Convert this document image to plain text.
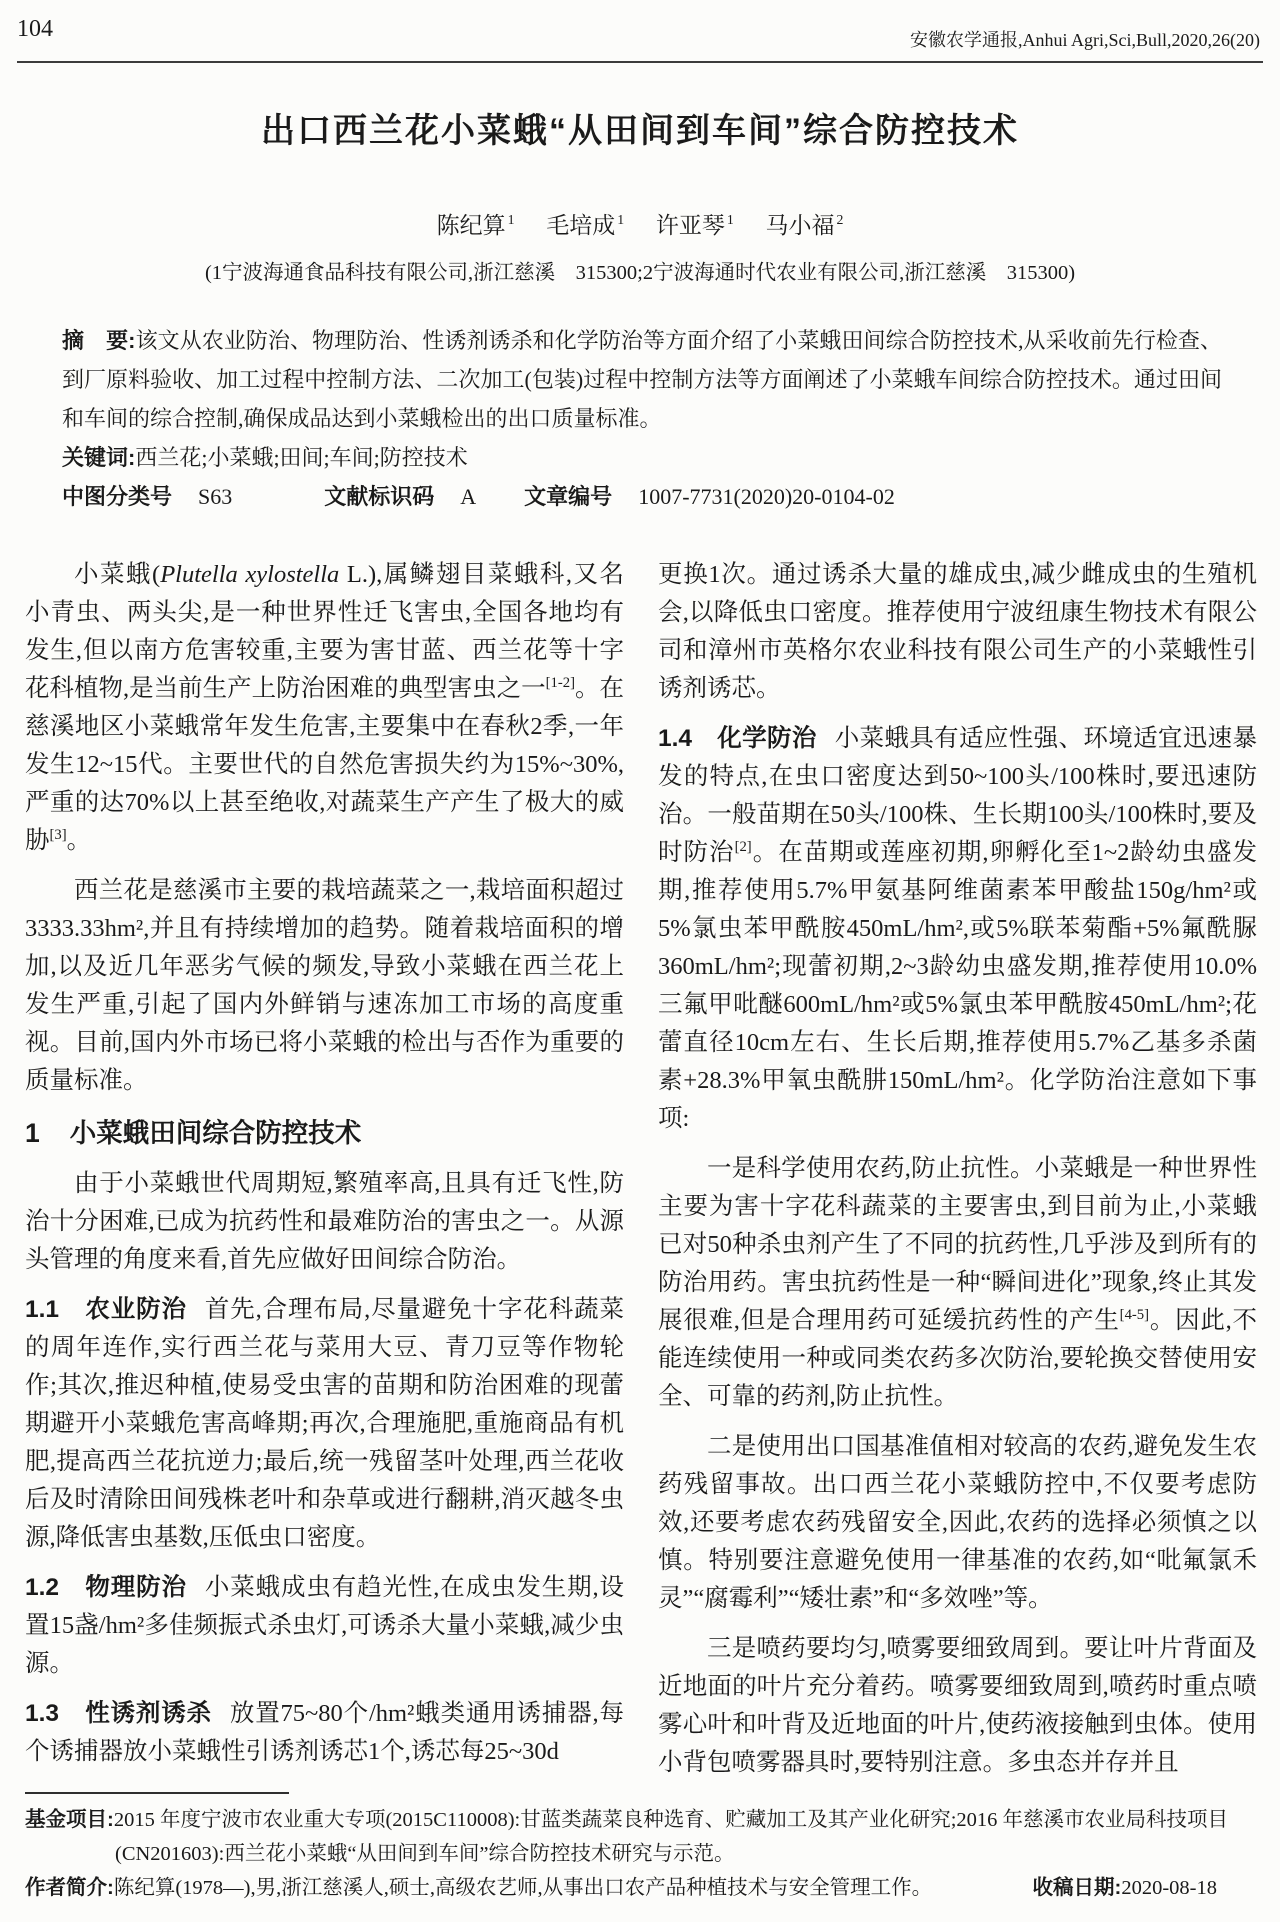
104	安徽农学通报,Anhui Agri,Sci,Bull,2020,26(20)
出口西兰花小菜蛾“从田间到车间”综合防控技术
陈纪算 $^1$ 毛培成 $^1$ 许亚琴 $^1$ 马小福 $^2$
(1宁波海通食品科技有限公司,浙江慈溪　315300;2宁波海通时代农业有限公司,浙江慈溪　315300)
摘　要:该文从农业防治、物理防治、性诱剂诱杀和化学防治等方面介绍了小菜蛾田间综合防控技术,从采收前先行检查、到厂原料验收、加工过程中控制方法、二次加工(包装)过程中控制方法等方面阐述了小菜蛾车间综合防控技术。通过田间和车间的综合控制,确保成品达到小菜蛾检出的出口质量标准。
关键词:西兰花;小菜蛾;田间;车间;防控技术
中图分类号 S63	文献标识码 A 文章编号 1007-7731(2020)20-0104-02

小菜蛾(Plutella xylostella L.),属鳞翅目菜蛾科,又名小青虫、两头尖,是一种世界性迁飞害虫,全国各地均有发生,但以南方危害较重,主要为害甘蓝、西兰花等十字花科植物,是当前生产上防治困难的典型害虫之一[1-2]。在慈溪地区小菜蛾常年发生危害,主要集中在春秋2季,一年发生12~15代。主要世代的自然危害损失约为15%~30%,严重的达70%以上甚至绝收,对蔬菜生产产生了极大的威胁[3]。

西兰花是慈溪市主要的栽培蔬菜之一,栽培面积超过3333.33hm²,并且有持续增加的趋势。随着栽培面积的增加,以及近几年恶劣气候的频发,导致小菜蛾在西兰花上发生严重,引起了国内外鲜销与速冻加工市场的高度重视。目前,国内外市场已将小菜蛾的检出与否作为重要的质量标准。

1 小菜蛾田间综合防控技术

由于小菜蛾世代周期短,繁殖率高,且具有迁飞性,防治十分困难,已成为抗药性和最难防治的害虫之一。从源头管理的角度来看,首先应做好田间综合防治。

1.1　农业防治 首先,合理布局,尽量避免十字花科蔬菜的周年连作,实行西兰花与菜用大豆、青刀豆等作物轮作;其次,推迟种植,使易受虫害的苗期和防治困难的现蕾期避开小菜蛾危害高峰期;再次,合理施肥,重施商品有机肥,提高西兰花抗逆力;最后,统一残留茎叶处理,西兰花收后及时清除田间残株老叶和杂草或进行翻耕,消灭越冬虫源,降低害虫基数,压低虫口密度。

1.2　物理防治 小菜蛾成虫有趋光性,在成虫发生期,设置15盏/hm²多佳频振式杀虫灯,可诱杀大量小菜蛾,减少虫源。

1.3　性诱剂诱杀 放置75~80个/hm²蛾类通用诱捕器,每个诱捕器放小菜蛾性引诱剂诱芯1个,诱芯每25~30d

更换1次。通过诱杀大量的雄成虫,减少雌成虫的生殖机会,以降低虫口密度。推荐使用宁波纽康生物技术有限公司和漳州市英格尔农业科技有限公司生产的小菜蛾性引诱剂诱芯。

1.4　化学防治 小菜蛾具有适应性强、环境适宜迅速暴发的特点,在虫口密度达到50~100头/100株时,要迅速防治。一般苗期在50头/100株、生长期100头/100株时,要及时防治[2]。在苗期或莲座初期,卵孵化至1~2龄幼虫盛发期,推荐使用5.7%甲氨基阿维菌素苯甲酸盐150g/hm²或5%氯虫苯甲酰胺450mL/hm²,或5%联苯菊酯+5%氟酰脲360mL/hm²;现蕾初期,2~3龄幼虫盛发期,推荐使用10.0%三氟甲吡醚600mL/hm²或5%氯虫苯甲酰胺450mL/hm²;花蕾直径10cm左右、生长后期,推荐使用5.7%乙基多杀菌素+28.3%甲氧虫酰肼150mL/hm²。化学防治注意如下事项:

一是科学使用农药,防止抗性。小菜蛾是一种世界性主要为害十字花科蔬菜的主要害虫,到目前为止,小菜蛾已对50种杀虫剂产生了不同的抗药性,几乎涉及到所有的防治用药。害虫抗药性是一种“瞬间进化”现象,终止其发展很难,但是合理用药可延缓抗药性的产生[4-5]。因此,不能连续使用一种或同类农药多次防治,要轮换交替使用安全、可靠的药剂,防止抗性。

二是使用出口国基准值相对较高的农药,避免发生农药残留事故。出口西兰花小菜蛾防控中,不仅要考虑防效,还要考虑农药残留安全,因此,农药的选择必须慎之以慎。特别要注意避免使用一律基准的农药,如“吡氟氯禾灵”“腐霉利”“矮壮素”和“多效唑”等。

三是喷药要均匀,喷雾要细致周到。要让叶片背面及近地面的叶片充分着药。喷雾要细致周到,喷药时重点喷雾心叶和叶背及近地面的叶片,使药液接触到虫体。使用小背包喷雾器具时,要特别注意。多虫态并存并且

基金项目:2015 年度宁波市农业重大专项(2015C110008):甘蓝类蔬菜良种选育、贮藏加工及其产业化研究;2016 年慈溪市农业局科技项目
(CN201603):西兰花小菜蛾“从田间到车间”综合防控技术研究与示范。
作者简介:陈纪算(1978—),男,浙江慈溪人,硕士,高级农艺师,从事出口农产品种植技术与安全管理工作。	收稿日期:2020-08-18
